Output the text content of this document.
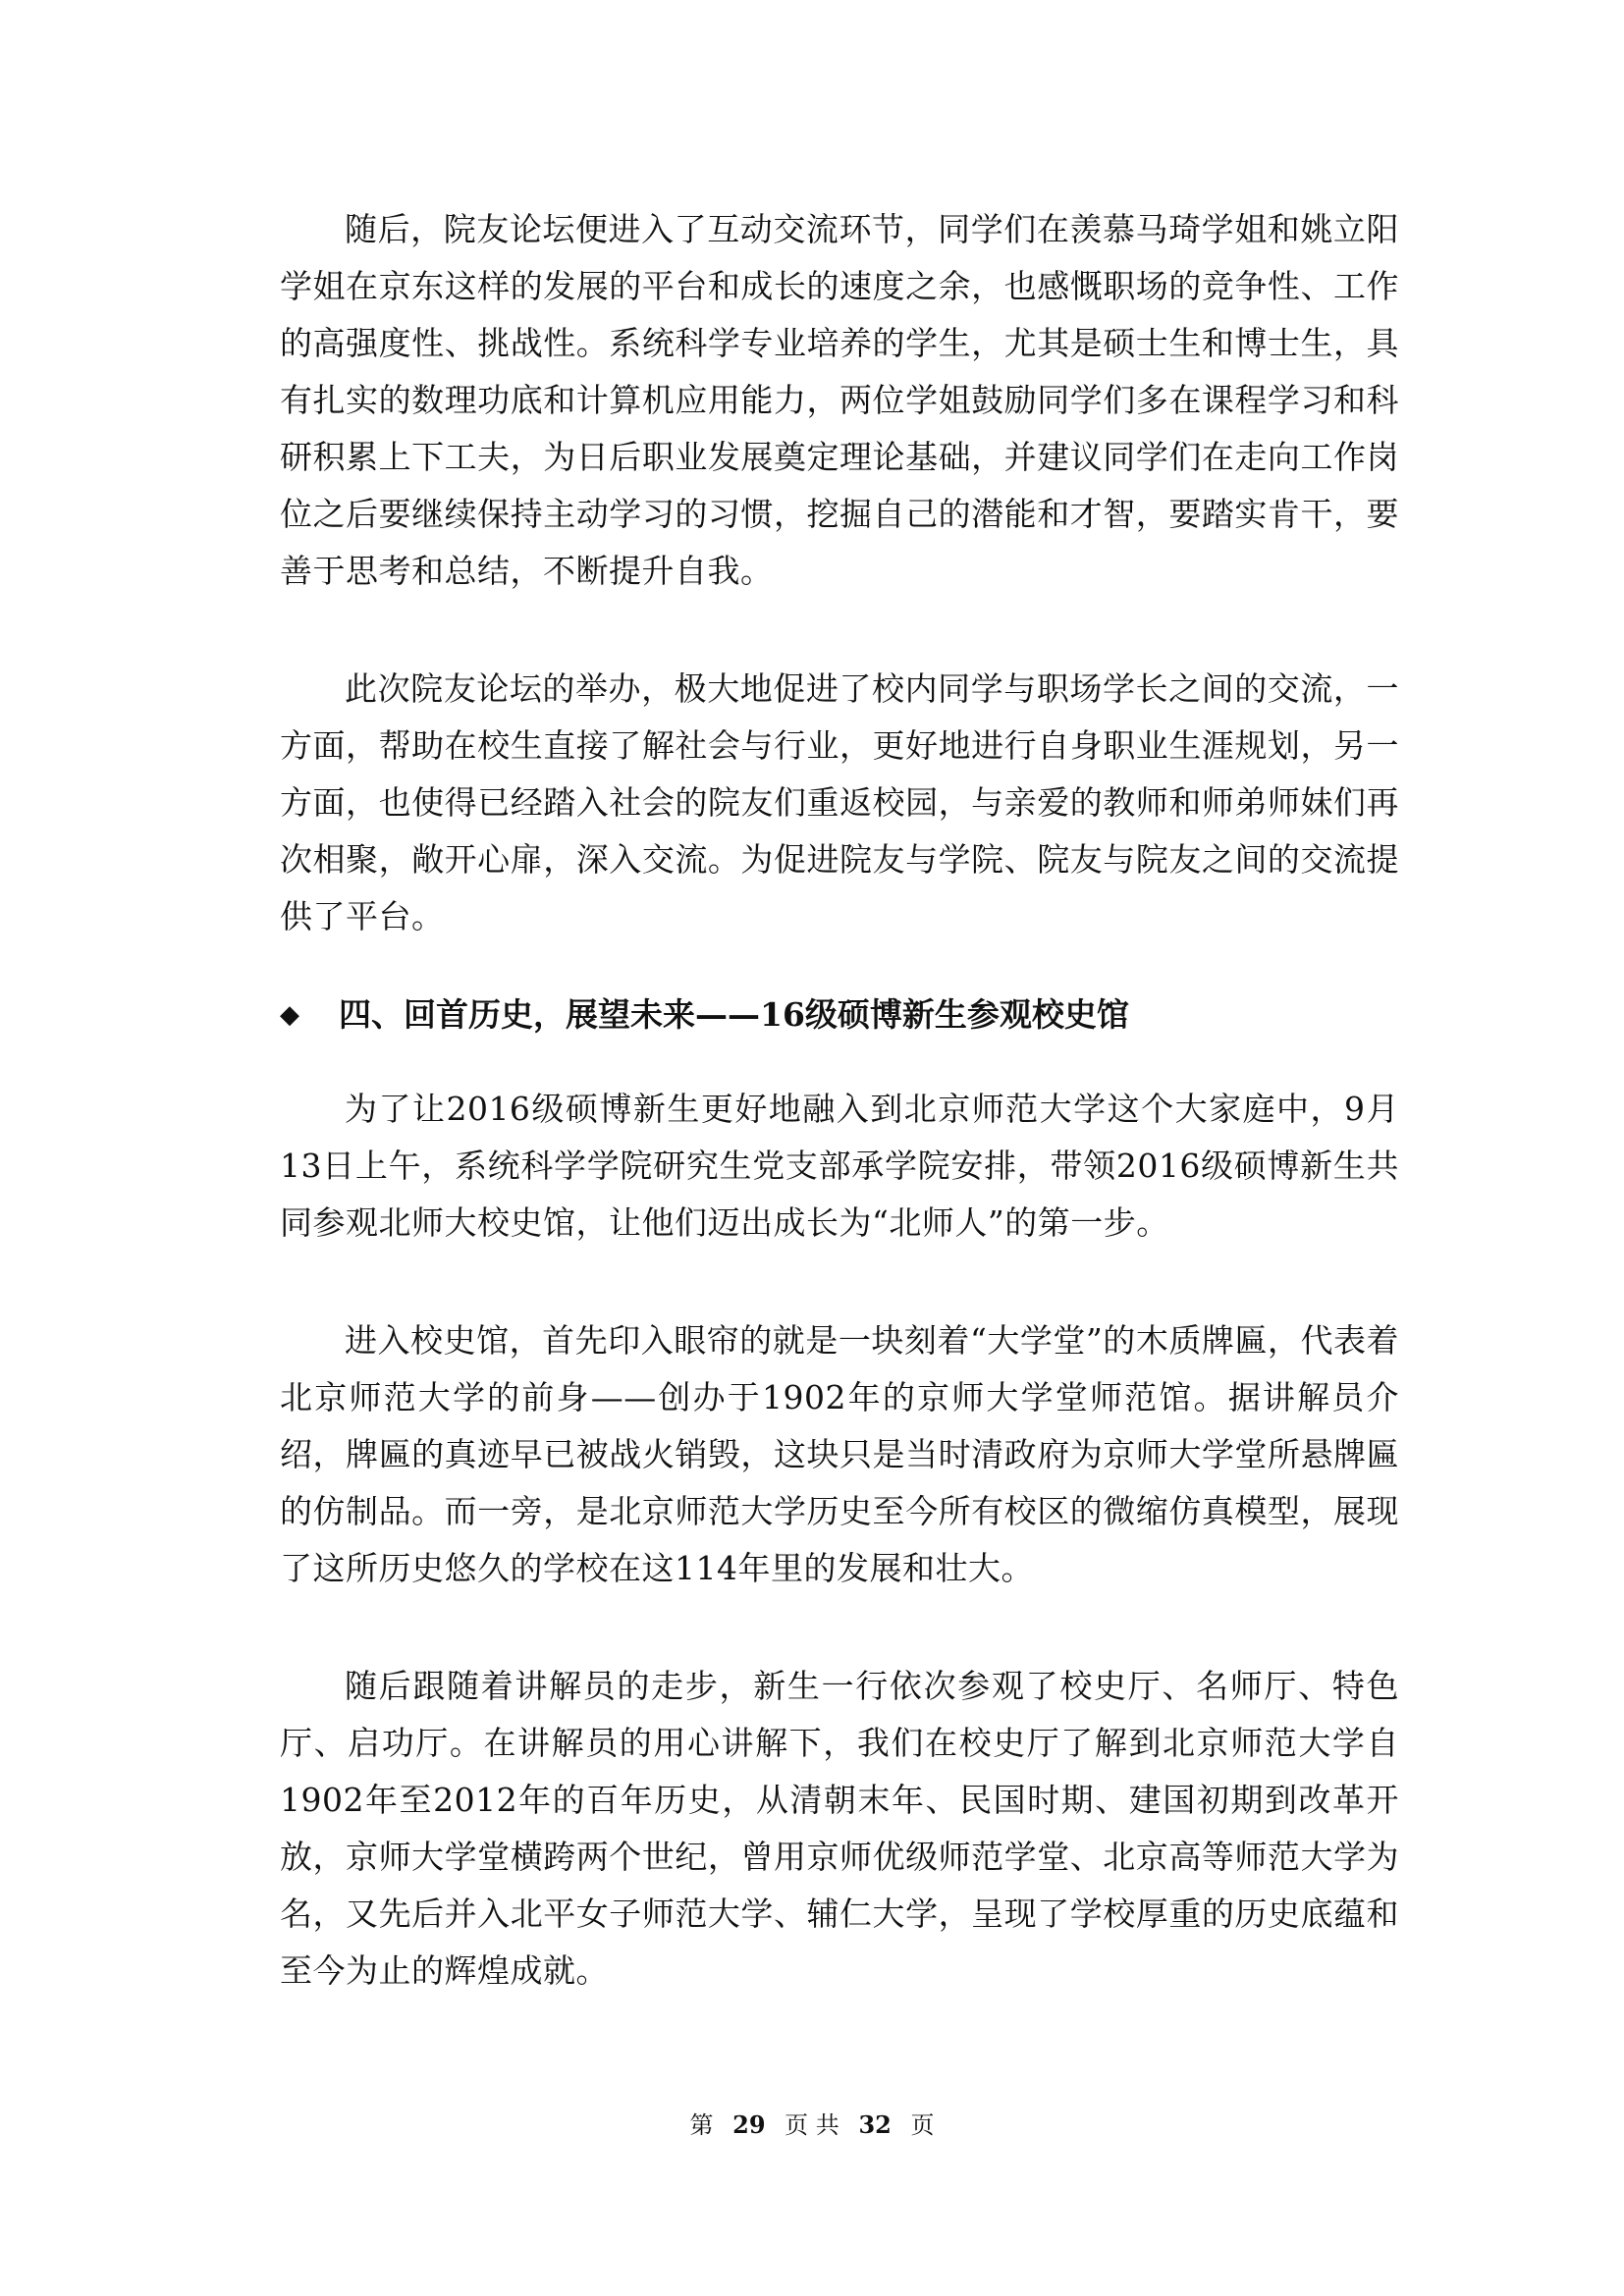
随后，院友论坛便进入了互动交流环节，同学们在羡慕马琦学姐和姚立阳学姐在京东这样的发展的平台和成长的速度之余，也感慨职场的竞争性、工作的高强度性、挑战性。系统科学专业培养的学生，尤其是硕士生和博士生，具有扎实的数理功底和计算机应用能力，两位学姐鼓励同学们多在课程学习和科研积累上下工夫，为日后职业发展奠定理论基础，并建议同学们在走向工作岗位之后要继续保持主动学习的习惯，挖掘自己的潜能和才智，要踏实肯干，要善于思考和总结，不断提升自我。

此次院友论坛的举办，极大地促进了校内同学与职场学长之间的交流，一方面，帮助在校生直接了解社会与行业，更好地进行自身职业生涯规划，另一方面，也使得已经踏入社会的院友们重返校园，与亲爱的教师和师弟师妹们再次相聚，敞开心扉，深入交流。为促进院友与学院、院友与院友之间的交流提供了平台。

◆ 四、回首历史，展望未来——16级硕博新生参观校史馆

为了让2016级硕博新生更好地融入到北京师范大学这个大家庭中，9月13日上午，系统科学学院研究生党支部承学院安排，带领2016级硕博新生共同参观北师大校史馆，让他们迈出成长为“北师人”的第一步。

进入校史馆，首先印入眼帘的就是一块刻着“大学堂”的木质牌匾，代表着北京师范大学的前身——创办于1902年的京师大学堂师范馆。据讲解员介绍，牌匾的真迹早已被战火销毁，这块只是当时清政府为京师大学堂所悬牌匾的仿制品。而一旁，是北京师范大学历史至今所有校区的微缩仿真模型，展现了这所历史悠久的学校在这114年里的发展和壮大。

随后跟随着讲解员的走步，新生一行依次参观了校史厅、名师厅、特色厅、启功厅。在讲解员的用心讲解下，我们在校史厅了解到北京师范大学自1902年至2012年的百年历史，从清朝末年、民国时期、建国初期到改革开放，京师大学堂横跨两个世纪，曾用京师优级师范学堂、北京高等师范大学为名，又先后并入北平女子师范大学、辅仁大学，呈现了学校厚重的历史底蕴和至今为止的辉煌成就。

第 29 页 共 32 页
